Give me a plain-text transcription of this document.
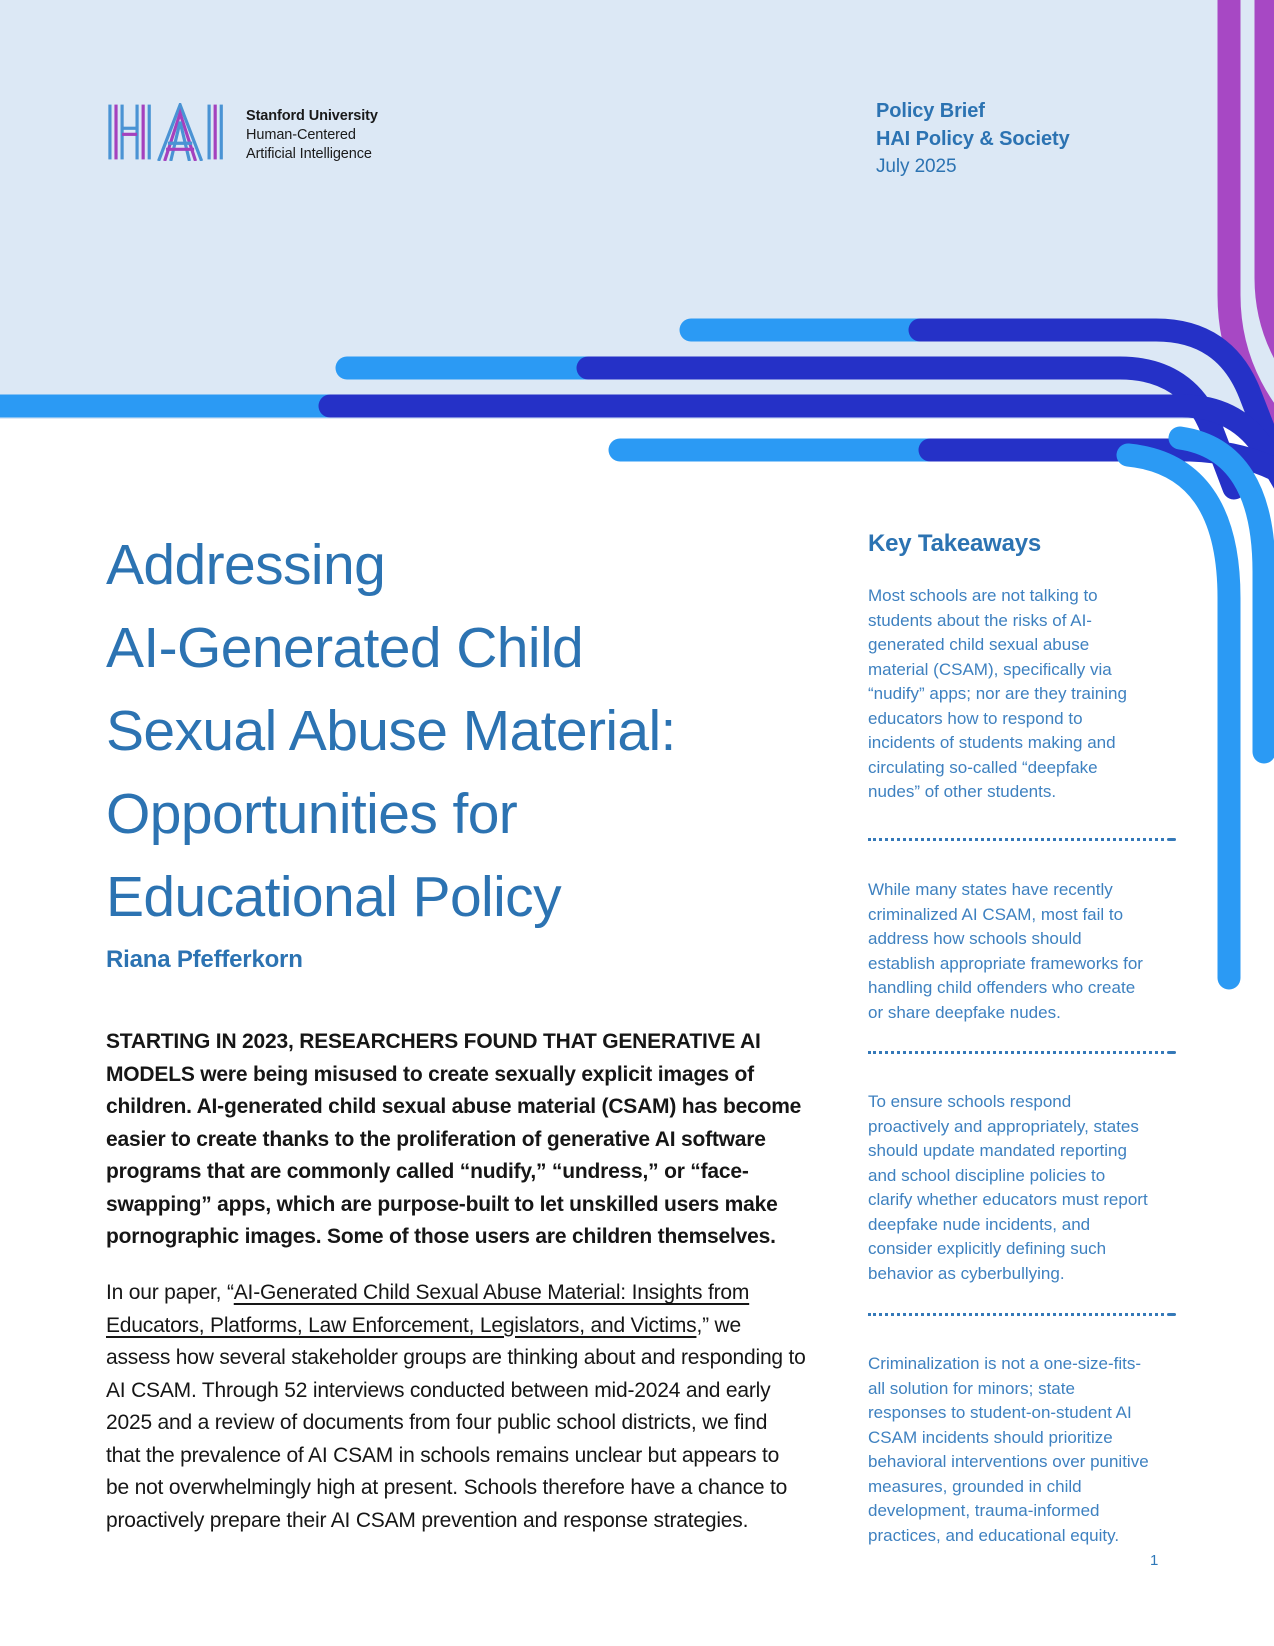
Stanford University
Human-Centered
Artificial Intelligence
Policy Brief
HAI Policy & Society
July 2025
Addressing
AI-Generated Child
Sexual Abuse Material:
Opportunities for
Educational Policy
Riana Pfefferkorn

STARTING IN 2023, RESEARCHERS FOUND THAT GENERATIVE AI MODELS were being misused to create sexually explicit images of children. AI-generated child sexual abuse material (CSAM) has become easier to create thanks to the proliferation of generative AI software programs that are commonly called “nudify,” “undress,” or “face-swapping” apps, which are purpose-built to let unskilled users make pornographic images. Some of those users are children themselves.

In our paper, “AI-Generated Child Sexual Abuse Material: Insights from Educators, Platforms, Law Enforcement, Legislators, and Victims,” we assess how several stakeholder groups are thinking about and responding to AI CSAM. Through 52 interviews conducted between mid-2024 and early 2025 and a review of documents from four public school districts, we find that the prevalence of AI CSAM in schools remains unclear but appears to be not overwhelmingly high at present. Schools therefore have a chance to proactively prepare their AI CSAM prevention and response strategies.

Key Takeaways
Most schools are not talking to students about the risks of AI-generated child sexual abuse material (CSAM), specifically via “nudify” apps; nor are they training educators how to respond to incidents of students making and circulating so-called “deepfake nudes” of other students.
While many states have recently criminalized AI CSAM, most fail to address how schools should establish appropriate frameworks for handling child offenders who create or share deepfake nudes.
To ensure schools respond proactively and appropriately, states should update mandated reporting and school discipline policies to clarify whether educators must report deepfake nude incidents, and consider explicitly defining such behavior as cyberbullying.
Criminalization is not a one-size-fits-all solution for minors; state responses to student-on-student AI CSAM incidents should prioritize behavioral interventions over punitive measures, grounded in child development, trauma-informed practices, and educational equity.
1
